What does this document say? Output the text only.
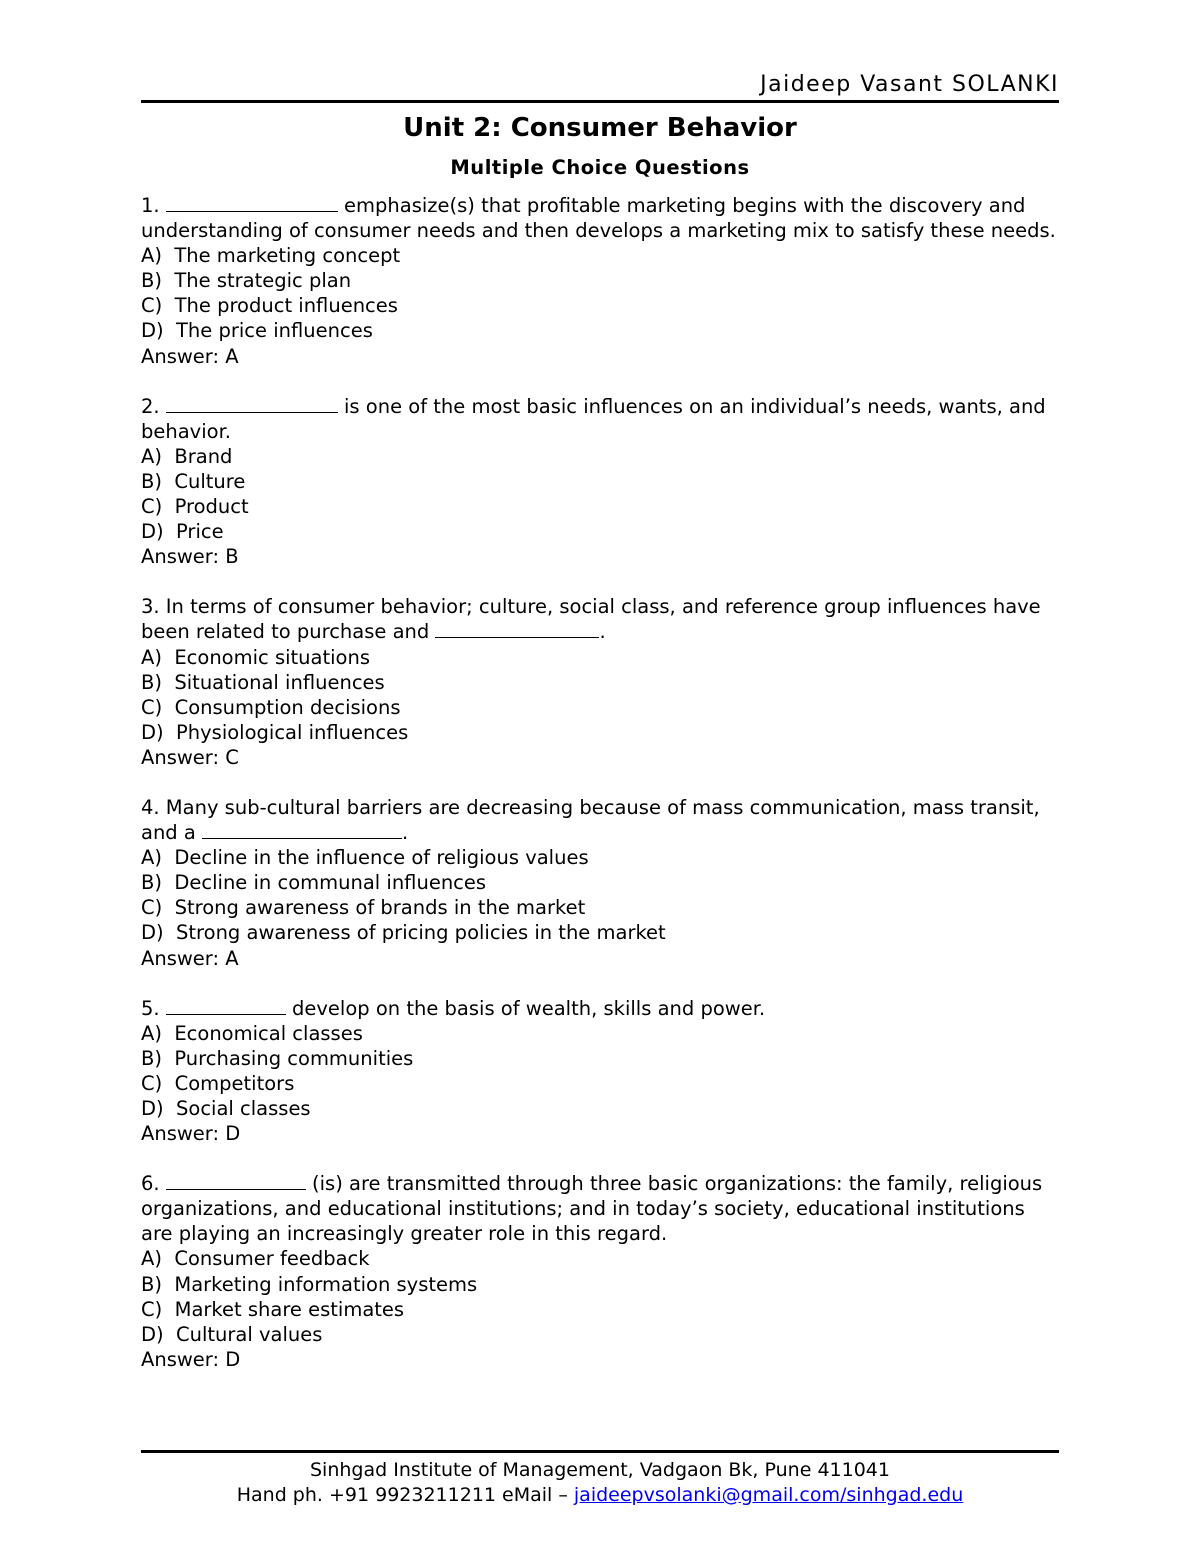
Jaideep Vasant SOLANKI
Unit 2: Consumer Behavior
Multiple Choice Questions
1.	emphasize(s) that profitable marketing begins with the discovery and understanding of consumer needs and then develops a marketing mix to satisfy these needs.
A)  The marketing concept
B)  The strategic plan
C)  The product influences
D)  The price influences
Answer: A
2.	is one of the most basic influences on an individual’s needs, wants, and behavior.
A)  Brand
B)  Culture
C)  Product
D)  Price
Answer: B
3. In terms of consumer behavior; culture, social class, and reference group influences have been related to purchase and	.
A)  Economic situations
B)  Situational influences
C)  Consumption decisions
D)  Physiological influences
Answer: C
4. Many sub-cultural barriers are decreasing because of mass communication, mass transit, and a	.
A)  Decline in the influence of religious values
B)  Decline in communal influences
C)  Strong awareness of brands in the market
D)  Strong awareness of pricing policies in the market
Answer: A
5.	develop on the basis of wealth, skills and power.
A)  Economical classes
B)  Purchasing communities
C)  Competitors
D)  Social classes
Answer: D
6.	(is) are transmitted through three basic organizations: the family, religious organizations, and educational institutions; and in today’s society, educational institutions are playing an increasingly greater role in this regard.
A)  Consumer feedback
B)  Marketing information systems
C)  Market share estimates
D)  Cultural values
Answer: D
Sinhgad Institute of Management, Vadgaon Bk, Pune 411041
Hand ph. +91 9923211211 eMail – jaideepvsolanki@gmail.com/sinhgad.edu
